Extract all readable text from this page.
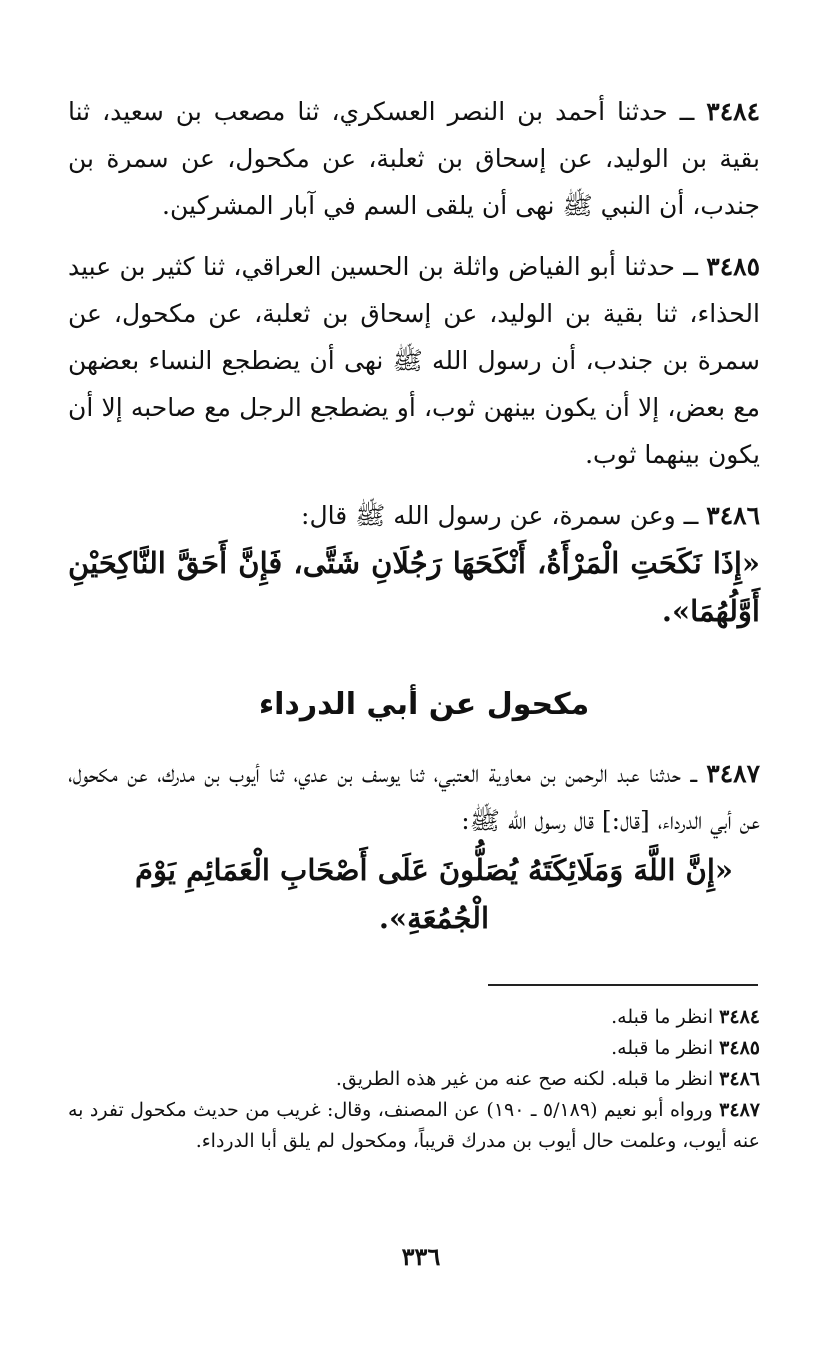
٣٤٨٤ ــ حدثنا أحمد بن النصر العسكري، ثنا مصعب بن سعيد، ثنا بقية بن الوليد، عن إسحاق بن ثعلبة، عن مكحول، عن سمرة بن جندب، أن النبي ﷺ نهى أن يلقى السم في آبار المشركين.

٣٤٨٥ ــ حدثنا أبو الفياض واثلة بن الحسين العراقي، ثنا كثير بن عبيد الحذاء، ثنا بقية بن الوليد، عن إسحاق بن ثعلبة، عن مكحول، عن سمرة بن جندب، أن رسول الله ﷺ نهى أن يضطجع النساء بعضهن مع بعض، إلا أن يكون بينهن ثوب، أو يضطجع الرجل مع صاحبه إلا أن يكون بينهما ثوب.

٣٤٨٦ ــ وعن سمرة، عن رسول الله ﷺ قال:

«إِذَا نَكَحَتِ الْمَرْأَةُ، أَنْكَحَهَا رَجُلَانِ شَتَّى، فَإِنَّ أَحَقَّ النَّاكِحَيْنِ أَوَّلُهُمَا».

مكحول عن أبي الدرداء

٣٤٨٧ ــ حدثنا عبد الرحمن بن معاوية العتبي، ثنا يوسف بن عدي، ثنا أيوب بن مدرك، عن مكحول، عن أبي الدرداء، [قال:] قال رسول الله ﷺ:

«إِنَّ اللَّهَ وَمَلَائِكَتَهُ يُصَلُّونَ عَلَى أَصْحَابِ الْعَمَائِمِ يَوْمَ الْجُمُعَةِ».

٣٤٨٤ انظر ما قبله.

٣٤٨٥ انظر ما قبله.

٣٤٨٦ انظر ما قبله. لكنه صح عنه من غير هذه الطريق.

٣٤٨٧ ورواه أبو نعيم (٥/١٨٩ ـ ١٩٠) عن المصنف، وقال: غريب من حديث مكحول تفرد به عنه أيوب، وعلمت حال أيوب بن مدرك قريباً، ومكحول لم يلق أبا الدرداء.

٣٣٦
